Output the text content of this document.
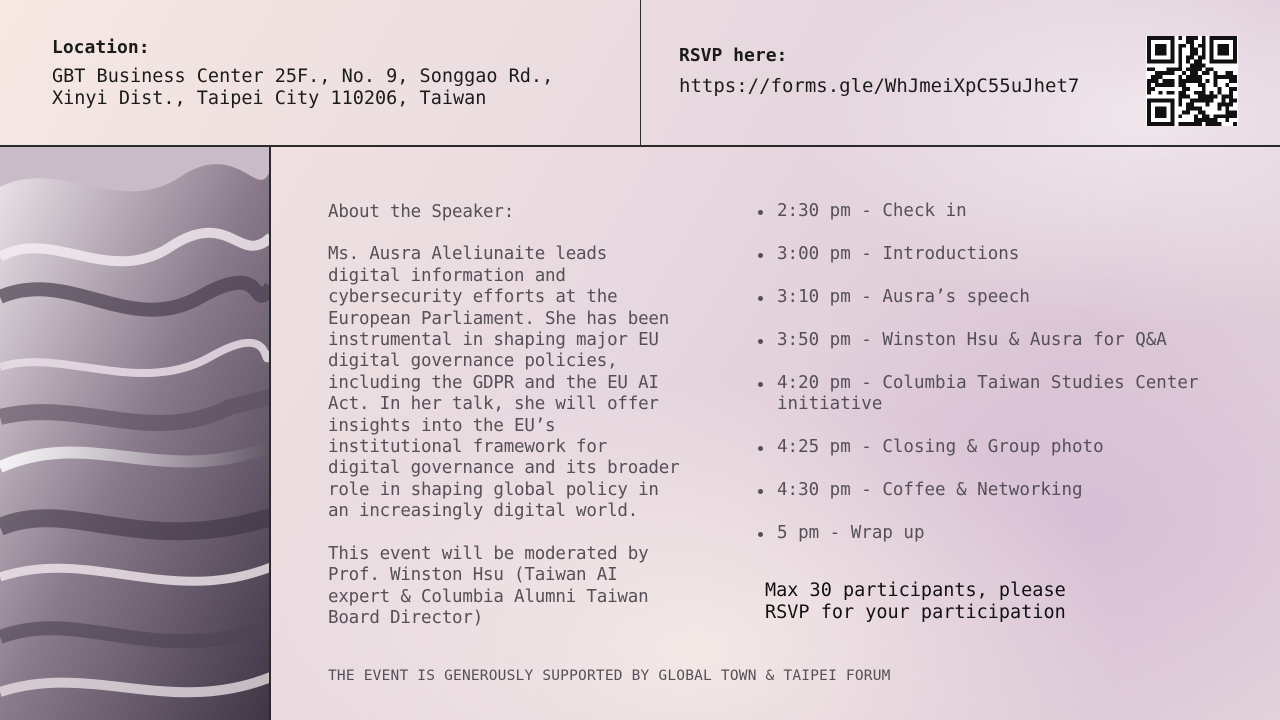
Location:
GBT Business Center 25F., No. 9, Songgao Rd.,
Xinyi Dist., Taipei City 110206, Taiwan
RSVP here:
https://forms.gle/WhJmeiXpC55uJhet7

About the Speaker:

Ms. Ausra Aleliunaite leads
digital information and
cybersecurity efforts at the
European Parliament. She has been
instrumental in shaping major EU
digital governance policies,
including the GDPR and the EU AI
Act. In her talk, she will offer
insights into the EU’s
institutional framework for
digital governance and its broader
role in shaping global policy in
an increasingly digital world.

This event will be moderated by
Prof. Winston Hsu (Taiwan AI
expert & Columbia Alumni Taiwan
Board Director)

2:30 pm - Check in
3:00 pm - Introductions
3:10 pm - Ausra’s speech
3:50 pm - Winston Hsu & Ausra for Q&A
4:20 pm - Columbia Taiwan Studies Center initiative
4:25 pm - Closing & Group photo
4:30 pm - Coffee & Networking
5 pm - Wrap up
Max 30 participants, please
RSVP for your participation
THE EVENT IS GENEROUSLY SUPPORTED BY GLOBAL TOWN & TAIPEI FORUM
